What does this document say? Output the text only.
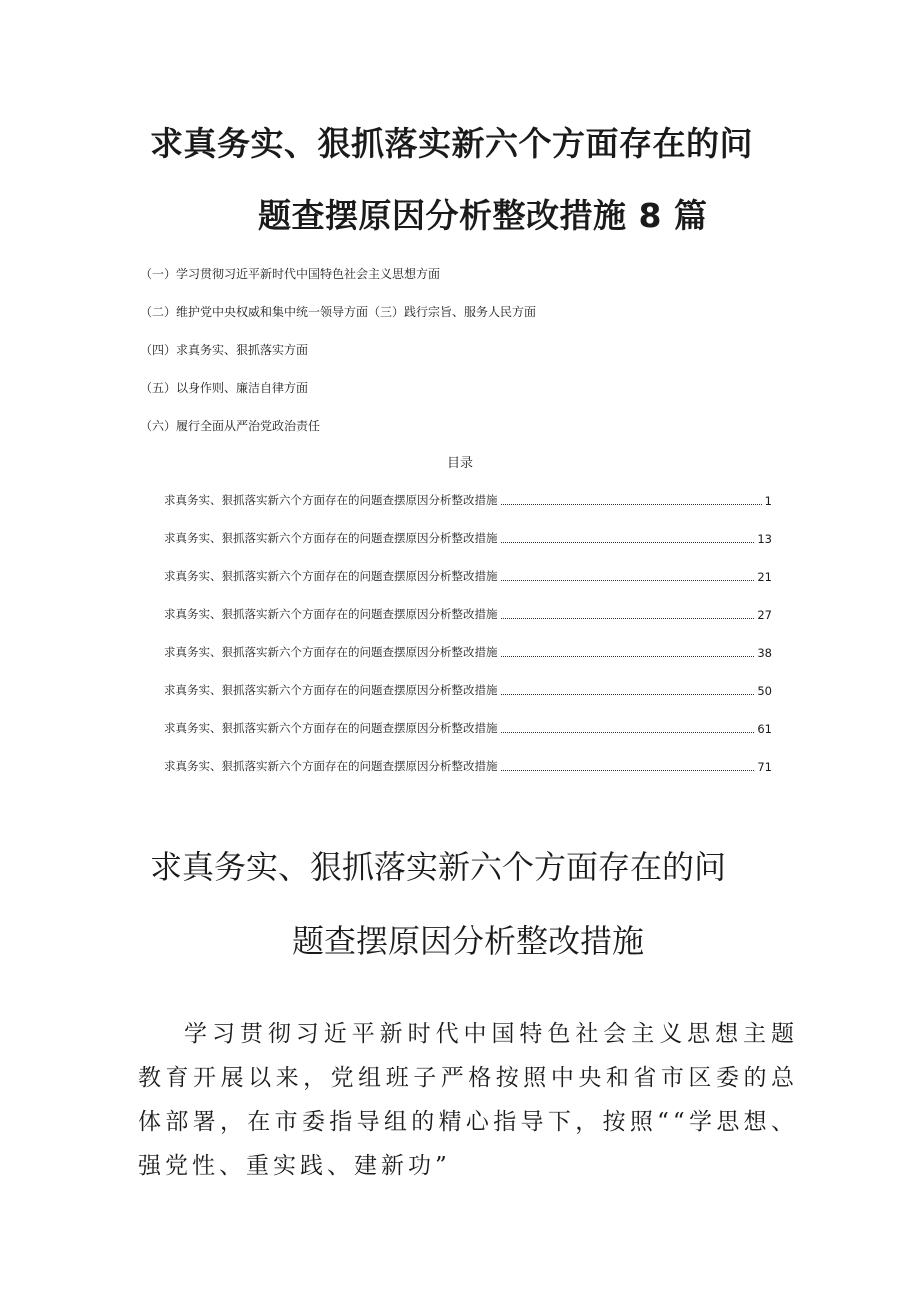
求真务实、狠抓落实新六个方面存在的问
题查摆原因分析整改措施 8 篇
（一）学习贯彻习近平新时代中国特色社会主义思想方面
（二）维护党中央权威和集中统一领导方面（三）践行宗旨、服务人民方面
（四）求真务实、狠抓落实方面
（五）以身作则、廉洁自律方面
（六）履行全面从严治党政治责任
目录
求真务实、狠抓落实新六个方面存在的问题查摆原因分析整改措施	1
求真务实、狠抓落实新六个方面存在的问题查摆原因分析整改措施	13
求真务实、狠抓落实新六个方面存在的问题查摆原因分析整改措施	21
求真务实、狠抓落实新六个方面存在的问题查摆原因分析整改措施	27
求真务实、狠抓落实新六个方面存在的问题查摆原因分析整改措施	38
求真务实、狠抓落实新六个方面存在的问题查摆原因分析整改措施	50
求真务实、狠抓落实新六个方面存在的问题查摆原因分析整改措施	61
求真务实、狠抓落实新六个方面存在的问题查摆原因分析整改措施	71
求真务实、狠抓落实新六个方面存在的问
题查摆原因分析整改措施
学习贯彻习近平新时代中国特色社会主义思想主题教育开展以来，党组班子严格按照中央和省市区委的总体部署，在市委指导组的精心指导下，按照““学思想、强党性、重实践、建新功”
